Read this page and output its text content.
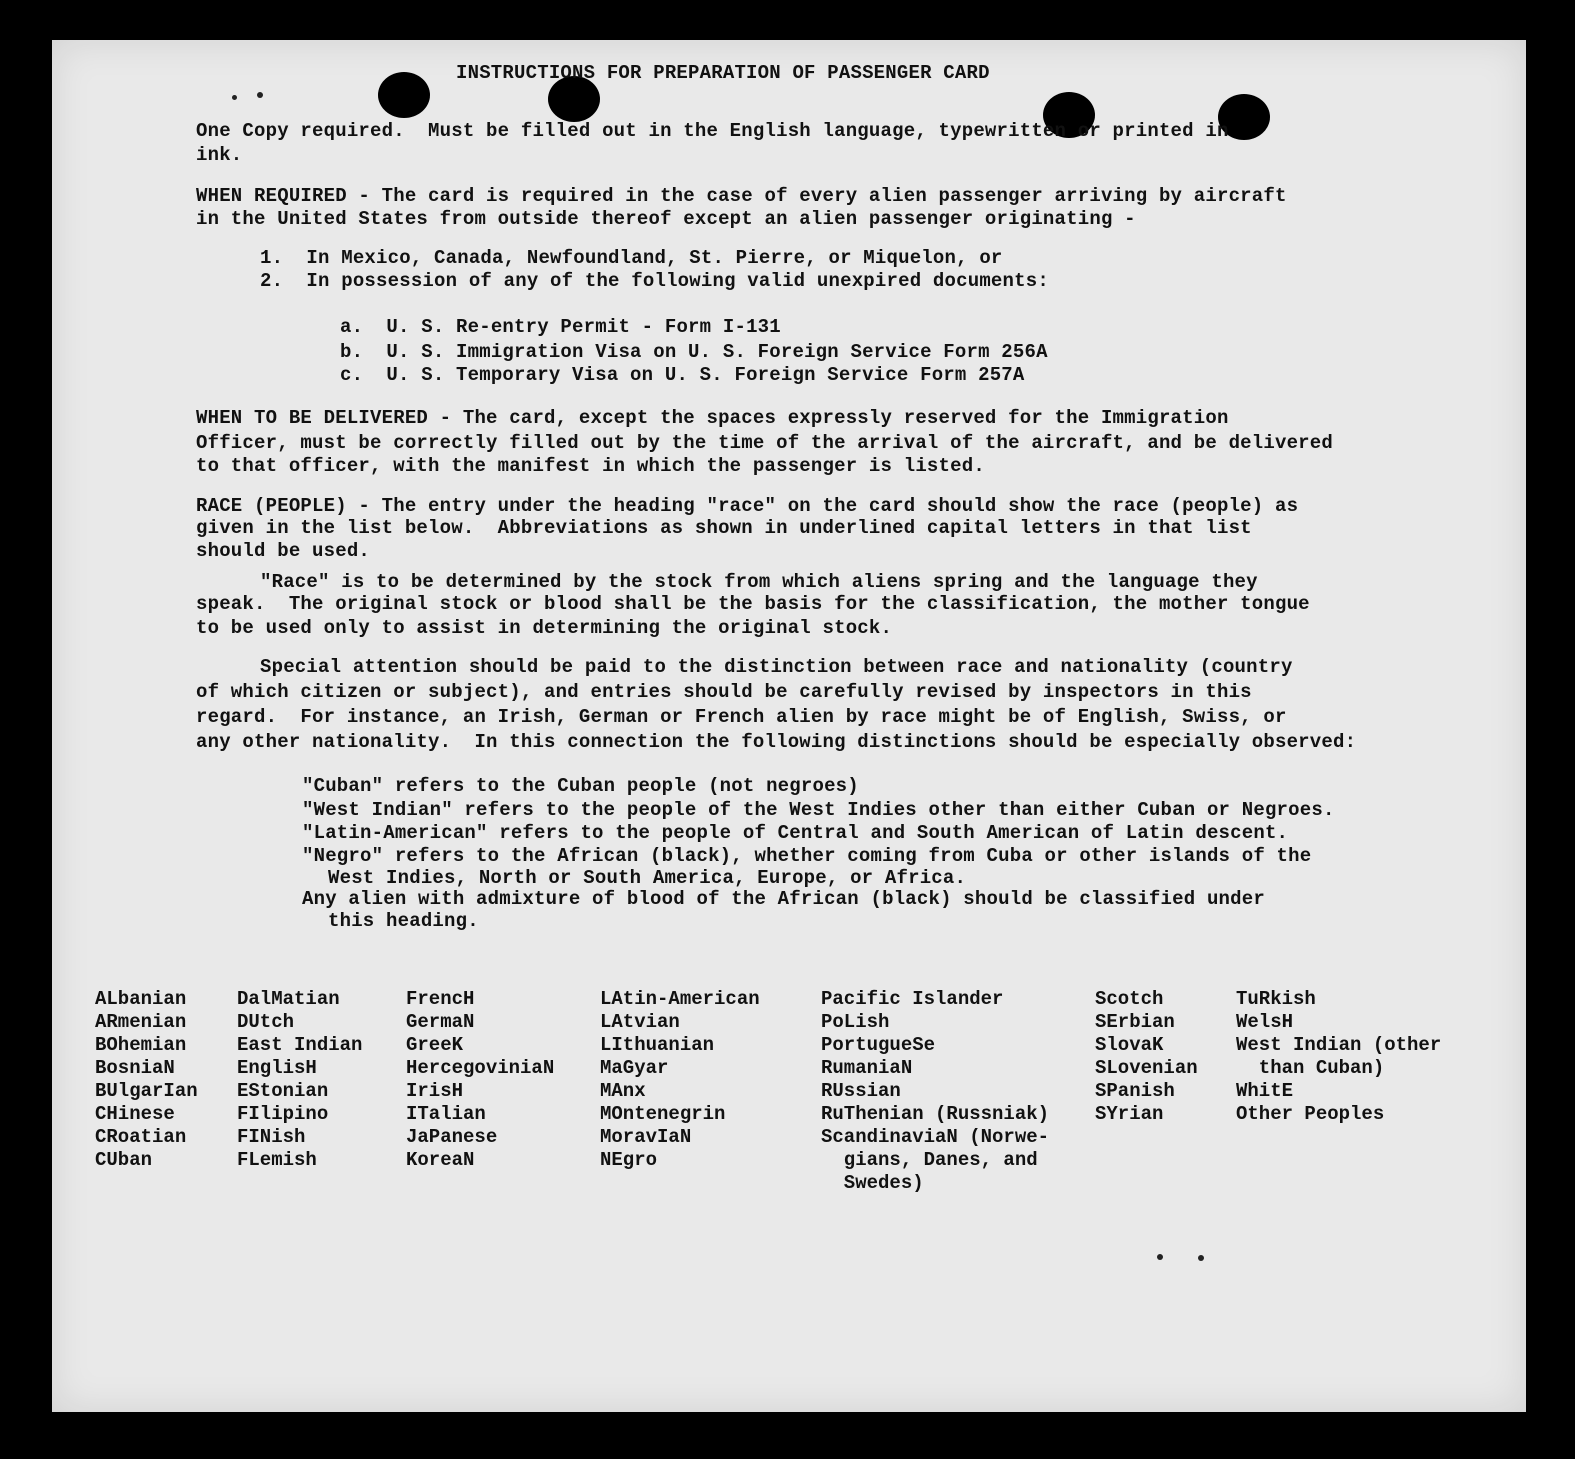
INSTRUCTIONS FOR PREPARATION OF PASSENGER CARD

One Copy required.  Must be filled out in the English language, typewritten or printed in

ink.

WHEN REQUIRED - The card is required in the case of every alien passenger arriving by aircraft

in the United States from outside thereof except an alien passenger originating -

1.  In Mexico, Canada, Newfoundland, St. Pierre, or Miquelon, or

2.  In possession of any of the following valid unexpired documents:

a.  U. S. Re-entry Permit - Form I-131

b.  U. S. Immigration Visa on U. S. Foreign Service Form 256A

c.  U. S. Temporary Visa on U. S. Foreign Service Form 257A

WHEN TO BE DELIVERED - The card, except the spaces expressly reserved for the Immigration

Officer, must be correctly filled out by the time of the arrival of the aircraft, and be delivered

to that officer, with the manifest in which the passenger is listed.

RACE (PEOPLE) - The entry under the heading "race" on the card should show the race (people) as

given in the list below.  Abbreviations as shown in underlined capital letters in that list

should be used.

"Race" is to be determined by the stock from which aliens spring and the language they

speak.  The original stock or blood shall be the basis for the classification, the mother tongue

to be used only to assist in determining the original stock.

Special attention should be paid to the distinction between race and nationality (country

of which citizen or subject), and entries should be carefully revised by inspectors in this

regard.  For instance, an Irish, German or French alien by race might be of English, Swiss, or

any other nationality.  In this connection the following distinctions should be especially observed:

"Cuban" refers to the Cuban people (not negroes)

"West Indian" refers to the people of the West Indies other than either Cuban or Negroes.

"Latin-American" refers to the people of Central and South American of Latin descent.

"Negro" refers to the African (black), whether coming from Cuba or other islands of the

West Indies, North or South America, Europe, or Africa.

Any alien with admixture of blood of the African (black) should be classified under

this heading.

ALbanian
ARmenian
BOhemian
BosniaN
BUlgarIan
CHinese
CRoatian
CUban
DalMatian
DUtch
East Indian
EnglisH
EStonian
FIlipino
FINish
FLemish
FrencH
GermaN
GreeK
HercegoviniaN
IrisH
ITalian
JaPanese
KoreaN
LAtin-American
LAtvian
LIthuanian
MaGyar
MAnx
MOntenegrin
MoravIaN
NEgro
Pacific Islander
PoLish
PortugueSe
RumaniaN
RUssian
RuThenian (Russniak)
ScandinaviaN (Norwe-
gians, Danes, and
Swedes)
Scotch
SErbian
SlovaK
SLovenian
SPanish
SYrian
TuRkish
WelsH
West Indian (other
than Cuban)
WhitE
Other Peoples
